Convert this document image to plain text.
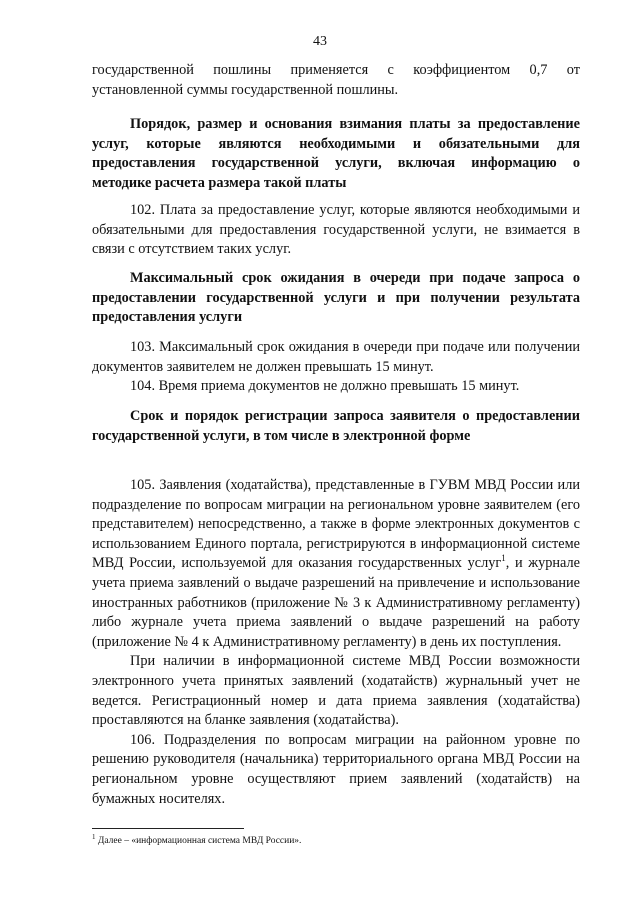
43

государственной пошлины применяется с коэффициентом 0,7 от установленной суммы государственной пошлины.

Порядок, размер и основания взимания платы за предоставление услуг, которые являются необходимыми и обязательными для предоставления государственной услуги, включая информацию о методике расчета размера такой платы

102. Плата за предоставление услуг, которые являются необходимыми и обязательными для предоставления государственной услуги, не взимается в связи с отсутствием таких услуг.

Максимальный срок ожидания в очереди при подаче запроса о предоставлении государственной услуги и при получении результата предоставления услуги

103. Максимальный срок ожидания в очереди при подаче или получении документов заявителем не должен превышать 15 минут.

104. Время приема документов не должно превышать 15 минут.

Срок и порядок регистрации запроса заявителя о предоставлении государственной услуги, в том числе в электронной форме

105. Заявления (ходатайства), представленные в ГУВМ МВД России или подразделение по вопросам миграции на региональном уровне заявителем (его представителем) непосредственно, а также в форме электронных документов с использованием Единого портала, регистрируются в информационной системе МВД России, используемой для оказания государственных услуг$^1$, и журнале учета приема заявлений о выдаче разрешений на привлечение и использование иностранных работников (приложение № 3 к Административному регламенту) либо журнале учета приема заявлений о выдаче разрешений на работу (приложение № 4 к Административному регламенту) в день их поступления.

При наличии в информационной системе МВД России возможности электронного учета принятых заявлений (ходатайств) журнальный учет не ведется. Регистрационный номер и дата приема заявления (ходатайства) проставляются на бланке заявления (ходатайства).

106. Подразделения по вопросам миграции на районном уровне по решению руководителя (начальника) территориального органа МВД России на региональном уровне осуществляют прием заявлений (ходатайств) на бумажных носителях.

$^1$ Далее – «информационная система МВД России».
